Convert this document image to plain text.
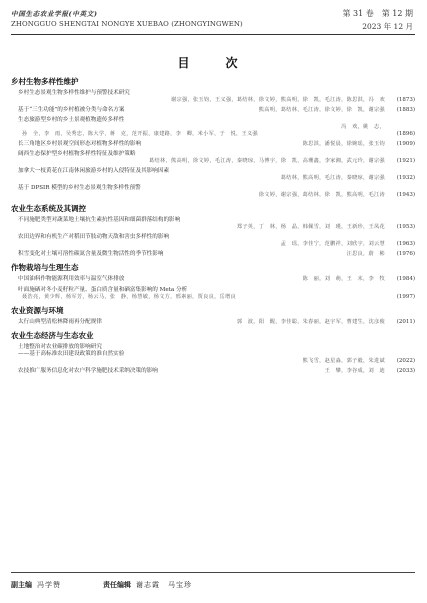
中国生态农业学报(中英文)
ZHONGGUO SHENGTAI NONGYE XUEBAO (ZHONGYINGWEN)
第 31 卷　第 12 期
2023 年 12 月
目　次
乡村生物多样性维护
乡村生态景观生物多样性维护与预警技术研究
谢宗强，张玉钧，王义强，葛结林，徐文婷，熊高明，徐　凯，毛江涛，陈思淇，冯　欢 (1873)
基于“三生功能”的乡村植被分类与命名方案	熊高明，葛结林，毛江涛，徐文婷，徐　凯，谢宗强 (1883)
生态旅游型乡村的乡土景观植物遗传多样性
冯　欢，姚　志，
孙　全，李　雨，吴秀忠，陈大学，蒋　克，范开振，康建路，李　卿，米小军，于　悦，王义强	(1896)
长三角地区乡村景观空间形态对植物多样性的影响	陈思淇，潘悦晨，徐婉瑶，张玉钧 (1909)
阔西生态保护型乡村植物多样性特征及维护策略
葛结林，熊高明，徐文婷，毛江涛，秦晓琼，马博宇，徐　凯，高珊鑫，李家湘，武元玲，谢宗强 (1921)
加拿大一枝黄花在江南休闲旅游乡村的入侵特征及其影响因素
葛结林，熊高明，毛江涛，秦晓琼，谢宗强 (1932)
基于 DPSIR 模型的乡村生态景观生物多样性预警
徐文婷，谢宗强，葛结林，徐　凯，熊高明，毛江涛 (1943)
农业生态系统及其调控
不同施肥类型对蔬菜地土壤抗生素抗性基因和细菌群落结构的影响
郑子英，丁　林，杨　晶，韩佩雪，刘　瑾，王新珍，王凤花 (1953)
农田边界和有机生产对稻田节肢动物天敌和害虫多样性的影响
孟　瑶，李佳宁，范鹏祥，刘欣宇，刘云慧 (1963)
积雪变化对土壤可溶性碳氮含量及微生物活性的季节性影响	汪思良，蔚　彬 (1976)
作物栽培与生理生态
中国油料作物能源利用效率与温室气体排放	陈　丽，刘　萌，王　末，李　牧 (1984)
叶面施硒对冬小麦籽粒产量、蛋白质含量和硒富集影响的 Meta 分析
聂浩亮，黄少辉，杨军芳，杨云马，张　静，杨慧敏，杨文方，邢素丽，贾良良，岳增良	(1997)
农业资源与环境
太行山典型清松林降雨再分配规律	郭　波，阳　醒，李佳聪，朱春丽，赵宇军，曹建生，沈彦俊 (2011)
农业生态经济与生态农业
土地整治对农业碳排放的影响研究
——基于高标准农田建设政策的准自然实验
熊飞雪，赵星淼，郭子毅，朱进斌 (2022)
农技推广服务信息化对农户科学施肥技术采纳决策的影响	王　攀，李谷成，刘　迪 (2033)
副主编 冯学赞	责任编辑 谢志霞　马宝珍
